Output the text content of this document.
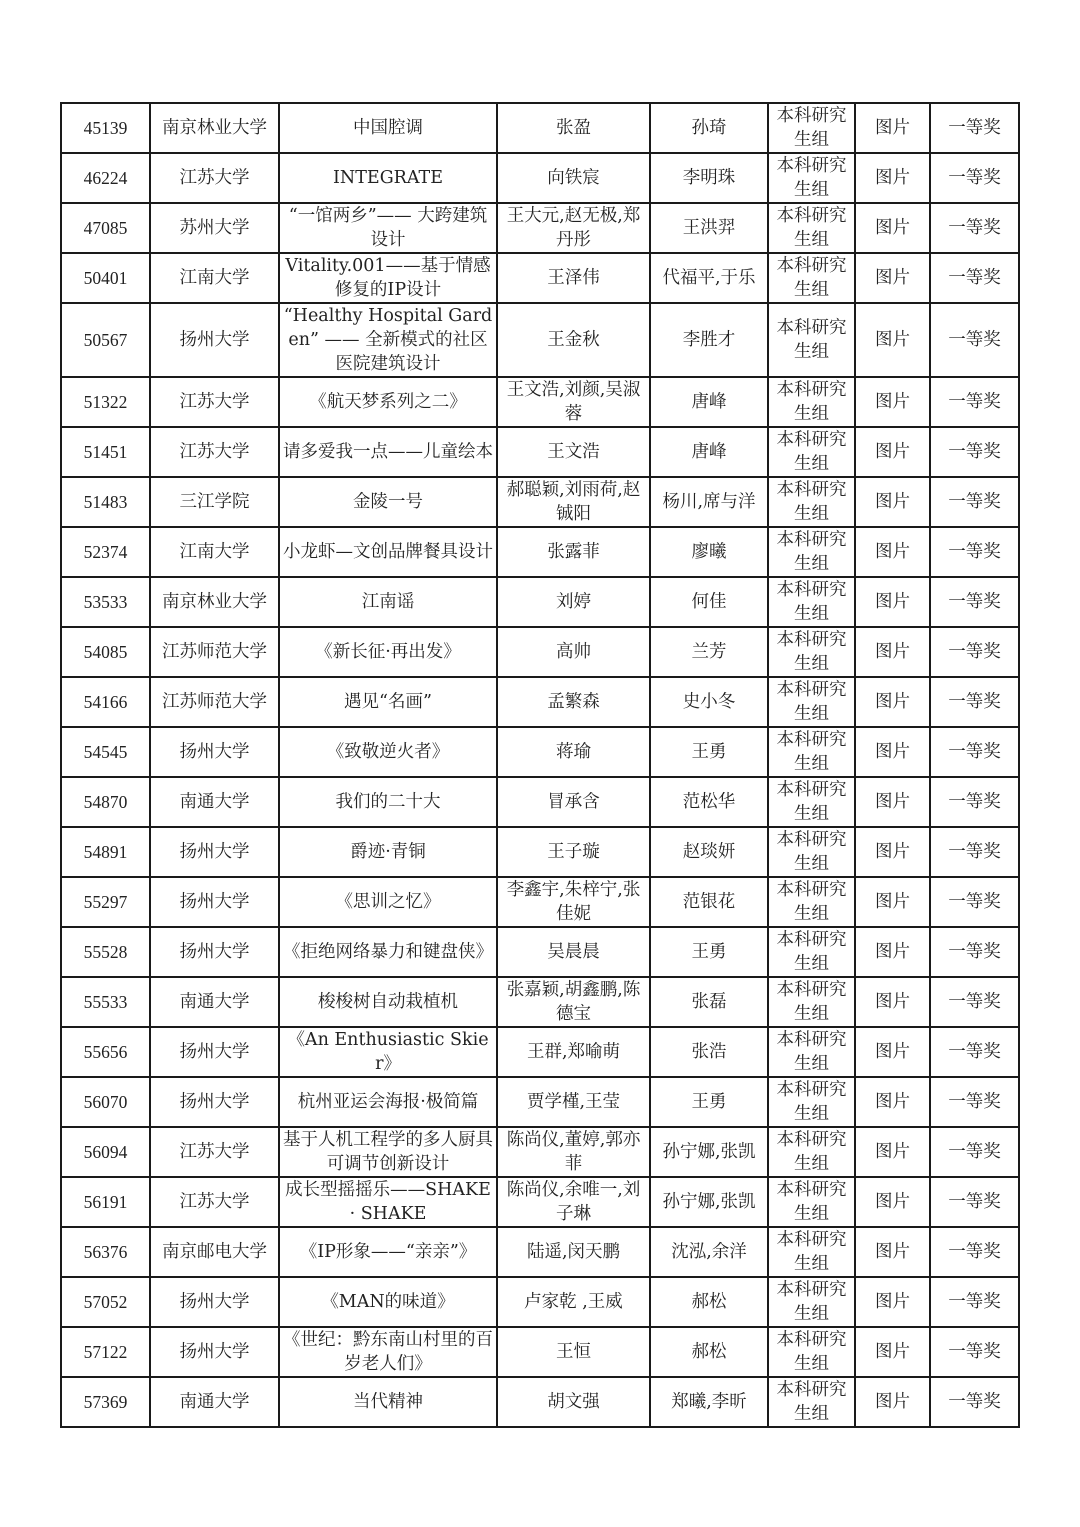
45139	南京林业大学	中国腔调	张盈	孙琦	本科研究生组	图片	一等奖
46224	江苏大学	INTEGRATE	向铁宸	李明珠	本科研究生组	图片	一等奖
47085	苏州大学	“一馆两乡”—— 大跨建筑设计	王大元,赵无极,郑丹彤	王洪羿	本科研究生组	图片	一等奖
50401	江南大学	Vitality.001——基于情感修复的IP设计	王泽伟	代福平,于乐	本科研究生组	图片	一等奖
50567	扬州大学	“Healthy Hospital Garden” —— 全新模式的社区医院建筑设计	王金秋	李胜才	本科研究生组	图片	一等奖
51322	江苏大学	《航天梦系列之二》	王文浩,刘颜,吴淑蓉	唐峰	本科研究生组	图片	一等奖
51451	江苏大学	请多爱我一点——儿童绘本	王文浩	唐峰	本科研究生组	图片	一等奖
51483	三江学院	金陵一号	郝聪颖,刘雨荷,赵铖阳	杨川,席与洋	本科研究生组	图片	一等奖
52374	江南大学	小龙虾—文创品牌餐具设计	张露菲	廖曦	本科研究生组	图片	一等奖
53533	南京林业大学	江南谣	刘婷	何佳	本科研究生组	图片	一等奖
54085	江苏师范大学	《新长征·再出发》	高帅	兰芳	本科研究生组	图片	一等奖
54166	江苏师范大学	遇见“名画”	孟繁森	史小冬	本科研究生组	图片	一等奖
54545	扬州大学	《致敬逆火者》	蒋瑜	王勇	本科研究生组	图片	一等奖
54870	南通大学	我们的二十大	冒承含	范松华	本科研究生组	图片	一等奖
54891	扬州大学	爵迹·青铜	王子璇	赵琰妍	本科研究生组	图片	一等奖
55297	扬州大学	《思训之忆》	李鑫宇,朱梓宁,张佳妮	范银花	本科研究生组	图片	一等奖
55528	扬州大学	《拒绝网络暴力和键盘侠》	吴晨晨	王勇	本科研究生组	图片	一等奖
55533	南通大学	梭梭树自动栽植机	张嘉颖,胡鑫鹏,陈德宝	张磊	本科研究生组	图片	一等奖
55656	扬州大学	《An Enthusiastic Skier》	王群,郑喻萌	张浩	本科研究生组	图片	一等奖
56070	扬州大学	杭州亚运会海报·极简篇	贾学槿,王莹	王勇	本科研究生组	图片	一等奖
56094	江苏大学	基于人机工程学的多人厨具可调节创新设计	陈尚仪,董婷,郭亦菲	孙宁娜,张凯	本科研究生组	图片	一等奖
56191	江苏大学	成长型摇摇乐——SHAKE · SHAKE	陈尚仪,余唯一,刘子琳	孙宁娜,张凯	本科研究生组	图片	一等奖
56376	南京邮电大学	《IP形象——“亲亲”》	陆遥,闵天鹏	沈泓,余洋	本科研究生组	图片	一等奖
57052	扬州大学	《MAN的味道》	卢家乾 ,王威	郝松	本科研究生组	图片	一等奖
57122	扬州大学	《世纪：黔东南山村里的百岁老人们》	王恒	郝松	本科研究生组	图片	一等奖
57369	南通大学	当代精神	胡文强	郑曦,李昕	本科研究生组	图片	一等奖
